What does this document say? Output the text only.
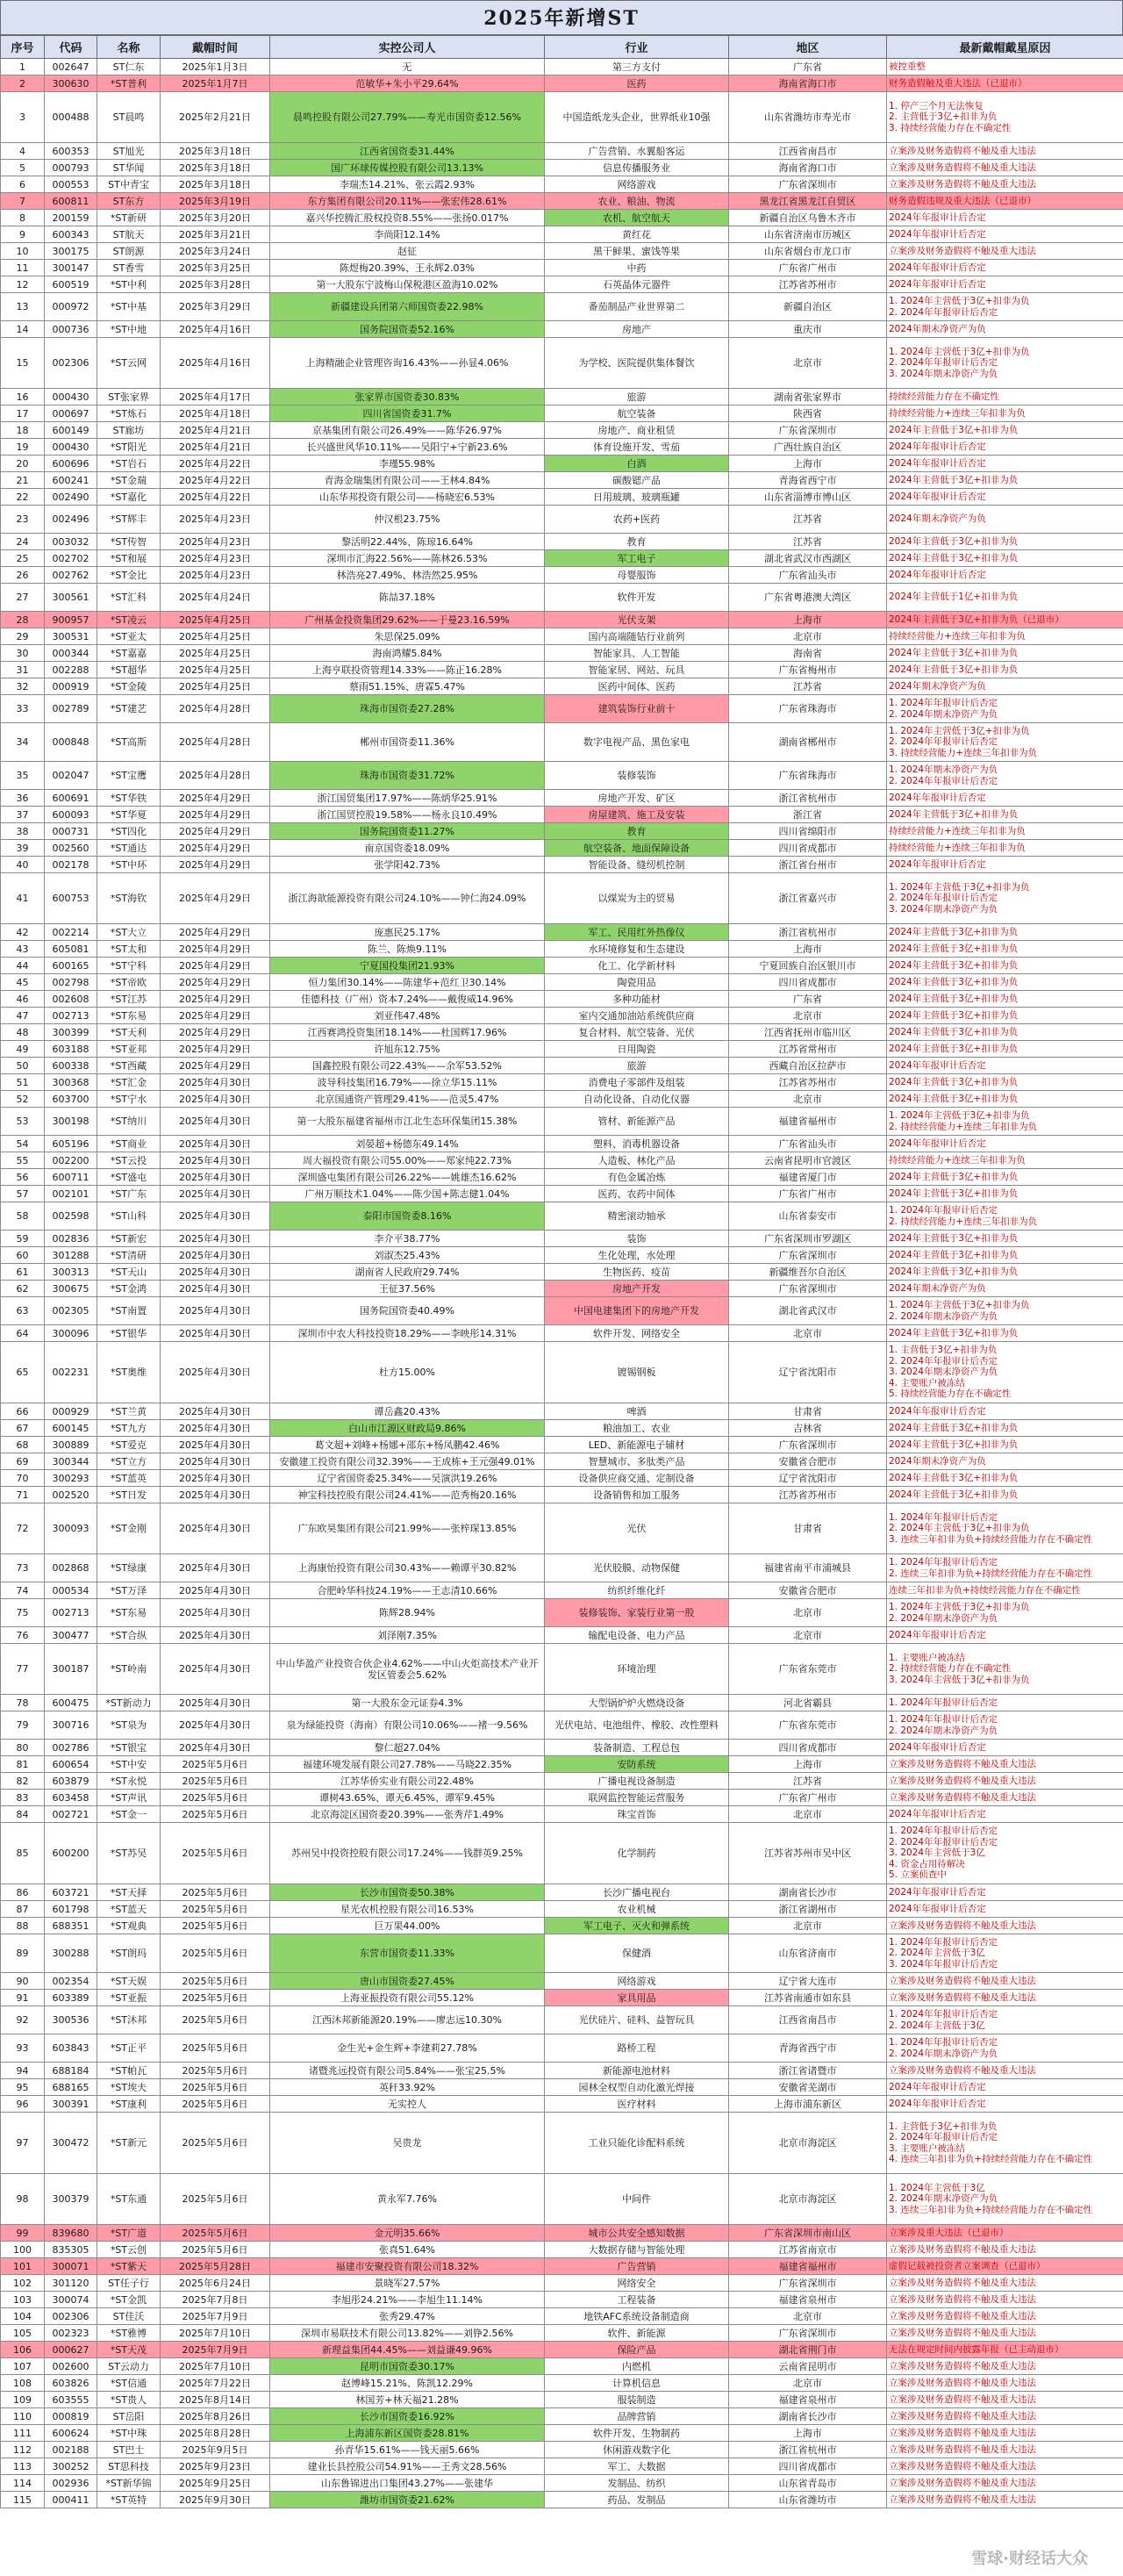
2025年新增ST
序号	代码	名称	戴帽时间	实控公司人	行业	地区	最新戴帽戴星原因
1	002647	ST仁东	2025年1月3日	无	第三方支付	广东省	被控重整
2	300630	*ST普利	2025年1月7日	范敏华+朱小平29.64%	医药	海南省海口市	财务造假触及重大违法（已退市）
3	000488	ST晨鸣	2025年2月21日	晨鸣控股有限公司27.79%——寿光市国资委12.56%	中国造纸龙头企业，世界纸业10强	山东省潍坊市寿光市	1. 停产三个月无法恢复
2. 主营低于3亿+扣非为负
3. 持续经营能力存在不确定性
4	600353	ST旭光	2025年3月18日	江西省国资委31.44%	广告营销、水翼船客运	江西省南昌市	立案涉及财务造假将不触及重大违法
5	000793	ST华闻	2025年3月18日	国广环球传媒控股有限公司13.13%	信息传播服务业	海南省海口市	立案涉及财务造假将不触及重大违法
6	000553	ST中青宝	2025年3月18日	李瑞杰14.21%、张云霞2.93%	网络游戏	广东省深圳市	立案涉及财务造假将不触及重大违法
7	600811	ST东方	2025年3月19日	东方集团有限公司20.11%——张宏伟28.61%	农业、粮油、物流	黑龙江省黑龙江自贸区	财务造假违规及重大违法（已退市）
8	200159	*ST新研	2025年3月20日	嘉兴华控腾汇股权投资8.55%——张扬0.017%	农机、航空航天	新疆自治区乌鲁木齐市	2024年年报审计后否定
9	600343	ST航天	2025年3月21日	李尚阳12.14%	黄红花	山东省济南市历城区	2024年年报审计后否定
10	300175	ST朗源	2025年3月24日	赵征	黑干鲜果、蜜饯等果	山东省烟台市龙口市	立案涉及财务造假将不触及重大违法
11	300147	ST香雪	2025年3月25日	陈煜梅20.39%、王永辉2.03%	中药	广东省广州市	2024年年报审计后否定
12	600519	*ST中利	2025年3月28日	第一大股东宁波梅山保税港区盈海10.02%	石英晶体元器件	江苏省苏州市	2024年年报审计后否定
13	000972	*ST中基	2025年3月29日	新疆建设兵团第六师国资委22.98%	番茄制品产业世界第二	新疆自治区	1. 2024年主营低于3亿+扣非为负
2. 2024年年报审计后否定
14	000736	*ST中地	2025年4月16日	国务院国资委52.16%	房地产	重庆市	2024年期末净资产为负
15	002306	*ST云网	2025年4月16日	上海精融企业管理咨询16.43%——孙显4.06%	为学校、医院提供集体餐饮	北京市	1. 2024年主营低于3亿+扣非为负
2. 2024年年报审计后否定
3. 2024年期末净资产为负
16	000430	ST张家界	2025年4月17日	张家界市国资委30.83%	旅游	湖南省张家界市	持续经营能力存在不确定性
17	000697	*ST炼石	2025年4月18日	四川省国资委31.7%	航空装备	陕西省	持续经营能力+连续三年扣非为负
18	600149	ST廊坊	2025年4月21日	京基集团有限公司26.49%——陈华26.97%	房地产、商业租赁	广东省深圳市	2024年主营低于3亿+扣非为负
19	000430	*ST阳光	2025年4月21日	长兴盛世风华10.11%——吴阳宁+宁新23.6%	体育设施开发、雪茄	广西壮族自治区	2024年年报审计后否定
20	600696	*ST岩石	2025年4月22日	李瑾55.98%	白酒	上海市	2024年年报审计后否定
21	600241	*ST金瑞	2025年4月22日	青海金瑞集团有限公司——王林4.84%	碳酸锶产品	青海省西宁市	2024年主营低于3亿+扣非为负
22	002490	*ST嘉化	2025年4月22日	山东华邦投资有限公司——杨晓宏6.53%	日用玻璃、玻璃瓶罐	山东省淄博市博山区	2024年年报审计后否定
23	002496	*ST辉丰	2025年4月23日	仲汉根23.75%	农药+医药	江苏省	2024年期末净资产为负
24	003032	*ST传智	2025年4月23日	黎活明22.44%、陈琼16.64%	教育	江苏省	2024年主营低于3亿+扣非为负
25	002702	*ST和展	2025年4月23日	深圳市汇海22.56%——陈林26.53%	军工电子	湖北省武汉市西湖区	2024年主营低于3亿+扣非为负
26	002762	*ST金比	2025年4月23日	林浩亮27.49%、林浩然25.95%	母婴服饰	广东省汕头市	2024年年报审计后否定
27	300561	*ST汇科	2025年4月24日	陈喆37.18%	软件开发	广东省粤港澳大湾区	2024年主营低于1亿+扣非为负
28	900957	*ST凌云	2025年4月25日	广州基金投资集团29.62%——于曼23.16.59%	光伏支架	上海市	2024年主营低于3亿+扣非为负（已退市）
29	300531	*ST亚太	2025年4月25日	朱思保25.09%	国内高端随钻行业前列	北京市	持续经营能力+连续三年扣非为负
30	000344	*ST嘉嘉	2025年4月25日	海南鸿耀5.84%	智能家具、人工智能	海南省	2024年主营低于3亿+扣非为负
31	002288	*ST超华	2025年4月25日	上海亨联投资管理14.33%——陈正16.28%	智能家居、网站、玩具	广东省梅州市	2024年主营低于3亿+扣非为负
32	000919	*ST金陵	2025年4月25日	蔡雨51.15%、唐霖5.47%	医药中间体、医药	江苏省	2024年期末净资产为负
33	002789	*ST建艺	2025年4月28日	珠海市国资委27.28%	建筑装饰行业前十	广东省珠海市	1. 2024年年报审计后否定
2. 2024年期末净资产为负
34	000848	*ST高斯	2025年4月28日	郴州市国资委11.36%	数字电视产品、黑色家电	湖南省郴州市	1. 2024年主营低于3亿+扣非为负
2. 2024年年报审计后否定
3. 持续经营能力+连续三年扣非为负
35	002047	*ST宝鹰	2025年4月28日	珠海市国资委31.72%	装修装饰	广东省珠海市	1. 2024年期末净资产为负
2. 2024年年报审计后否定
36	600691	*ST华铁	2025年4月29日	浙江国贸集团17.97%——陈炳华25.91%	房地产开发、矿区	浙江省杭州市	2024年年报审计后否定
37	600093	*ST华夏	2025年4月29日	浙江国贸控股19.58%——杨永良10.49%	房屋建筑、施工及安装	浙江省	2024年主营低于3亿+扣非为负
38	000731	*ST四化	2025年4月29日	国务院国资委11.27%	教育	四川省绵阳市	持续经营能力+连续三年扣非为负
39	002560	*ST通达	2025年4月29日	南京国资委18.09%	航空装备、地面保障设备	四川省成都市	持续经营能力+连续三年扣非为负
40	002178	*ST中环	2025年4月29日	张学阳42.73%	智能设备、缝纫机控制	浙江省台州市	2024年年报审计后否定
41	600753	*ST海钦	2025年4月29日	浙江海歆能源投资有限公司24.10%——钟仁海24.09%	以煤炭为主的贸易	浙江省嘉兴市	1. 2024年主营低于3亿+扣非为负
2. 2024年年报审计后否定
3. 2024年期末净资产为负
42	002214	*ST大立	2025年4月29日	庞惠民25.17%	军工、民用红外热像仪	浙江省杭州市	2024年主营低于3亿+扣非为负
43	605081	*ST太和	2025年4月29日	陈兰、陈焕9.11%	水环境修复和生态建设	上海市	2024年主营低于3亿+扣非为负
44	600165	*ST宁科	2025年4月29日	宁夏国投集团21.93%	化工、化学新材料	宁夏回族自治区银川市	2024年主营低于3亿+扣非为负
45	002798	*ST帝欧	2025年4月29日	恒力集团30.14%——陈建华+范红卫30.14%	陶瓷用品	四川省成都市	2024年主营低于3亿+扣非为负
46	002608	*ST江苏	2025年4月29日	佳德科技（广州）资本7.24%——戴俊威14.96%	多种功能材	广东省	2024年主营低于3亿+扣非为负
47	002713	*ST东易	2025年4月29日	刘亚伟47.48%	室内交通加油站系统供应商	北京市	2024年主营低于3亿+扣非为负
48	300399	*ST天利	2025年4月29日	江西赛鸿投资集团18.14%——杜国辉17.96%	复合材料、航空装备、光伏	江西省抚州市临川区	2024年主营低于3亿+扣非为负
49	603188	*ST亚邦	2025年4月29日	许旭东12.75%	日用陶瓷	江苏省常州市	2024年主营低于3亿+扣非为负
50	600338	*ST西藏	2025年4月29日	国鑫控股有限公司22.43%——余军53.52%	旅游	西藏自治区拉萨市	2024年年报审计后否定
51	300368	*ST汇金	2025年4月30日	波导科技集团16.79%——徐立华15.11%	消费电子零部件及组装	江苏省苏州市	2024年主营低于3亿+扣非为负
52	603700	*ST宁水	2025年4月30日	北京国通资产管理29.41%——范灵5.47%	自动化设备、自动化仪器	北京市	2024年主营低于3亿+扣非为负
53	300198	*ST纳川	2025年4月30日	第一大股东福建省福州市江北生态环保集团15.38%	管材、新能源产品	福建省福州市	1. 2024年主营低于3亿+扣非为负
2. 持续经营能力+连续三年扣非为负
54	605196	*ST商业	2025年4月30日	刘晏超+杨德东49.14%	塑料、消毒机器设备	广东省汕头市	2024年年报审计后否定
55	002200	*ST云投	2025年4月30日	周大福投资有限公司55.00%——郑家纯22.73%	人造板、林化产品	云南省昆明市官渡区	持续经营能力+连续三年扣非为负
56	600711	*ST盛屯	2025年4月30日	深圳盛屯集团有限公司26.22%——姚雄杰16.62%	有色金属冶炼	福建省厦门市	2024年主营低于3亿+扣非为负
57	002101	*ST广东	2025年4月30日	广州万顺技术1.04%——陈少国+陈志健1.04%	医药、农药中间体	广东省广州市	2024年主营低于3亿+扣非为负
58	002598	*ST山科	2025年4月30日	泰阳市国资委8.16%	精密滚动轴承	山东省泰安市	1. 2024年年报审计后否定
2. 持续经营能力+连续三年扣非为负
59	002836	*ST新宏	2025年4月30日	李介平38.77%	装饰	广东省深圳市罗湖区	2024年主营低于3亿+扣非为负
60	301288	*ST清研	2025年4月30日	刘淑杰25.43%	生化处理，水处理	广东省深圳市	2024年主营低于3亿+扣非为负
61	300313	*ST天山	2025年4月30日	湖南省人民政府29.74%	生物医药、疫苗	新疆维吾尔自治区	2024年主营低于3亿+扣非为负
62	300675	*ST金鸿	2025年4月30日	王征37.56%	房地产开发	广东省深圳市	2024年期末净资产为负
63	002305	*ST南置	2025年4月30日	国务院国资委40.49%	中国电建集团下的房地产开发	湖北省武汉市	1. 2024年主营低于3亿+扣非为负
2. 2024年期末净资产为负
64	300096	*ST银华	2025年4月30日	深圳市中农大科技投资18.29%——李映彤14.31%	软件开发、网络安全	北京市	2024年主营低于3亿+扣非为负
65	002231	*ST奥维	2025年4月30日	杜方15.00%	镀锡钢板	辽宁省沈阳市	1. 主营低于3亿+扣非为负
2. 2024年年报审计后否定
3. 2024年期末净资产为负
4. 主要账户被冻结
5. 持续经营能力存在不确定性
66	000929	*ST兰黄	2025年4月30日	谭岳鑫20.43%	啤酒	甘肃省	2024年年报审计后否定
67	600145	*ST九方	2025年4月30日	白山市江源区财政局9.86%	粮油加工、农业	吉林省	2024年主营低于3亿+扣非为负
68	300889	*ST爱克	2025年4月30日	葛文超+刘峰+杨娜+邵东+杨凤鹏42.46%	LED、新能源电子辅材	广东省深圳市	2024年主营低于3亿+扣非为负
69	300344	*ST立方	2025年4月30日	安徽建工投资有限公司32.39%——王成栋+王元强49.01%	智慧城市、多肽类产品	安徽省合肥市	2024年期末净资产为负
70	300293	*ST蓝英	2025年4月30日	辽宁省国资委25.34%——吴演洪19.26%	设备供应商交通、定制设备	辽宁省沈阳市	2024年主营低于3亿+扣非为负
71	002520	*ST日发	2025年4月30日	神宝科技控股有限公司24.41%——范秀梅20.16%	设备销售和加工服务	江苏省苏州市	2024年主营低于3亿+扣非为负
72	300093	*ST金刚	2025年4月30日	广东欧昊集团有限公司21.99%——张梓琛13.85%	光伏	甘肃省	1. 2024年年报审计后否定
2. 2024年主营低于3亿+扣非为负
3. 连续三年扣非为负+持续经营能力存在不确定性
73	002868	*ST绿康	2025年4月30日	上海康怡投资有限公司30.43%——赖谭平30.82%	光伏胶膜、动物保健	福建省南平市浦城县	1. 2024年年报审计后否定
2. 连续三年扣非为负+持续经营能力存在不确定性
74	000534	*ST万泽	2025年4月30日	合肥岭华科技24.19%——王志清10.66%	纺织纤维化纤	安徽省合肥市	连续三年扣非为负+持续经营能力存在不确定性
75	002713	*ST东易	2025年4月30日	陈辉28.94%	装修装饰、家装行业第一股	北京市	1. 2024年主营低于3亿+扣非为负
2. 2024年期末净资产为负
76	300477	*ST合纵	2025年4月30日	刘泽刚7.35%	输配电设备、电力产品	北京市	2024年年报审计后否定
77	300187	*ST岭南	2025年4月30日	中山华盈产业投资合伙企业4.62%——中山火炬高技术产业开发区管委会5.62%	环境治理	广东省东莞市	1. 主要账户被冻结
2. 持续经营能力存在不确定性
3. 2024年主营低于3亿+扣非为负
78	600475	*ST新动力	2025年4月30日	第一大股东金元证券4.3%	大型锅炉炉火燃烧设备	河北省霸县	1. 2024年年报审计后否定
79	300716	*ST泉为	2025年4月30日	泉为绿能投资（海南）有限公司10.06%——褚一9.56%	光伏电站、电池组件、橡胶、改性塑料	广东省东莞市	1. 2024年年报审计后否定
2. 2024年期末净资产为负
80	002786	*ST银宝	2025年4月30日	黎仁超27.04%	装备制造、工程总包	四川省成都市	2024年年报审计后否定
81	600654	*ST中安	2025年5月6日	福建环境发展有限公司27.78%——马晓22.35%	安防系统	上海市	立案涉及财务造假将不触及重大违法
82	603879	*ST永悦	2025年5月6日	江苏华侨实业有限公司22.48%	广播电视设备制造	江苏省	立案涉及财务造假将不触及重大违法
83	603458	*ST声讯	2025年5月6日	谭树43.65%、谭天6.45%、谭军9.45%	联网监控智能运营服务	广东省广州市	立案涉及财务造假将不触及重大违法
84	002721	*ST金一	2025年5月6日	北京海淀区国资委20.39%——张秀芹1.49%	珠宝首饰	北京市	2024年年报审计后否定
85	600200	*ST苏吴	2025年5月6日	苏州吴中投资控股有限公司17.24%——钱群英9.25%	化学制药	江苏省苏州市吴中区	1. 2024年年报审计后否定
2. 2024年年报审计后否定
3. 2024年主营低于3亿
4. 资金占用待解决
5. 立案侦查中
86	603721	*ST天择	2025年5月6日	长沙市国资委50.38%	长沙广播电视台	湖南省长沙市	2024年年报审计后否定
87	601798	*ST蓝天	2025年5月6日	星光农机控股有限公司16.53%	农业机械	浙江省湖州市	2024年年报审计后否定
88	688351	*ST观典	2025年5月6日	巨万果44.00%	军工电子、灭火和弹系统	北京市	立案涉及财务造假将不触及重大违法
89	300288	*ST朗玛	2025年5月6日	东营市国资委11.33%	保健酒	山东省济南市	1. 2024年年报审计后否定
2. 2024年主营低于3亿
3. 2024年年报审计后否定
90	002354	*ST天娱	2025年5月6日	唐山市国资委27.45%	网络游戏	辽宁省大连市	立案涉及财务造假将不触及重大违法
91	603389	*ST亚振	2025年5月6日	上海亚振投资有限公司55.12%	家具用品	江苏省南通市如东县	立案涉及财务造假将不触及重大违法
92	300536	*ST沐邦	2025年5月6日	江西沐邦新能源20.19%——廖志远10.30%	光伏硅片、硅料、益智玩具	江西省南昌市	1. 2024年年报审计后否定
2. 2024年主营低于3亿
93	603843	*ST正平	2025年5月6日	金生光+金生辉+李建莉27.78%	路桥工程	青海省西宁市	1. 2024年年报审计后否定
2. 2024年期末净资产为负
94	688184	*ST帕瓦	2025年5月6日	诸暨兆远投资有限公司5.84%——张宝25.5%	新能源电池材料	浙江省诸暨市	立案涉及财务造假将不触及重大违法
95	688165	*ST埃夫	2025年5月6日	英秆33.92%	园林全权型自动化激光焊接	安徽省芜湖市	2024年年报审计后否定
96	300391	*ST康利	2025年5月6日	无实控人	医疗材料	上海市浦东新区	2024年年报审计后否定
97	300472	*ST新元	2025年5月6日	吴贵龙	工业只能化诊配料系统	北京市海淀区	1. 主营低于3亿+扣非为负
2. 2024年年报审计后否定
3. 主要账户被冻结
4. 连续三年扣非为负+持续经营能力存在不确定性
98	300379	*ST东通	2025年5月6日	黄永军7.76%	中间件	北京市海淀区	1. 2024年主营低于3亿
2. 2024年期末净资产为负
3. 连续三年扣非为负+持续经营能力存在不确定性
99	839680	*ST广道	2025年5月6日	金元明35.66%	城市公共安全感知数据	广东省深圳市南山区	立案涉及重大违法（已退市）
100	835305	*ST云创	2025年5月6日	张真51.64%	大数据存储与智能处理	江苏省南京市	立案涉及财务造假将不触及重大违法
101	300071	*ST紫天	2025年5月28日	福建市安聚投资有限公司18.32%	广告营销	福建省福州市	虚假记载被投资者立案调查（已退市）
102	301120	ST任子行	2025年6月24日	景晓军27.57%	网络安全	广东省深圳市	立案涉及财务造假将不触及重大违法
103	300074	*ST金凯	2025年7月8日	李旭彤24.21%——李旭生11.14%	工程装备	福建省泉州市	立案涉及财务造假将不触及重大违法
104	002306	ST佳沃	2025年7月9日	张秀29.47%	地铁AFC系统设备制造商	北京市	立案涉及财务造假将不触及重大违法
105	002323	*ST雅博	2025年7月10日	深圳市易联技术有限公司13.82%——刘铮2.56%	软件、新能源	广东省深圳市	立案涉及财务造假将不触及重大违法
106	000627	*ST天茂	2025年7月9日	新理益集团44.45%——刘益谦49.96%	保险产品	湖北省荆门市	无法在规定时间内披露年报（已主动退市）
107	002600	ST云动力	2025年7月10日	昆明市国资委30.17%	内燃机	云南省昆明市	立案涉及财务造假将不触及重大违法
108	603826	*ST信通	2025年7月22日	赵博峰15.21%、陈凯12.29%	计算机信息	北京市	立案涉及财务造假将不触及重大违法
109	603555	*ST贵人	2025年8月14日	林国芳+林天福21.28%	服装制造	福建省泉州市	立案涉及财务造假将不触及重大违法
110	000819	ST岳阳	2025年8月26日	长沙市国资委16.92%	品牌营销	湖南省长沙市	立案涉及财务造假将不触及重大违法
111	600624	*ST中珠	2025年8月28日	上海浦东新区国资委28.81%	软件开发、生物制药	上海市	立案涉及财务造假将不触及重大违法
112	002188	ST巴士	2025年9月5日	孙青华15.61%——钱天丽5.66%	休闲游戏数字化	浙江省杭州市	立案涉及财务造假将不触及重大违法
113	300252	ST思科技	2025年9月23日	建业长县控股公司54.91%——王秀文28.56%	军工、大数据	四川省成都市	立案涉及财务造假将不触及重大违法
114	002936	*ST新华锦	2025年9月25日	山东鲁锦进出口集团43.27%——张建华	发制品、纺织	山东省青岛市	立案涉及财务造假将不触及重大违法
115	000411	*ST英特	2025年9月30日	潍坊市国资委21.62%	药品、发制品	山东省潍坊市	立案涉及财务造假将不触及重大违法
雪球·财经话大众
